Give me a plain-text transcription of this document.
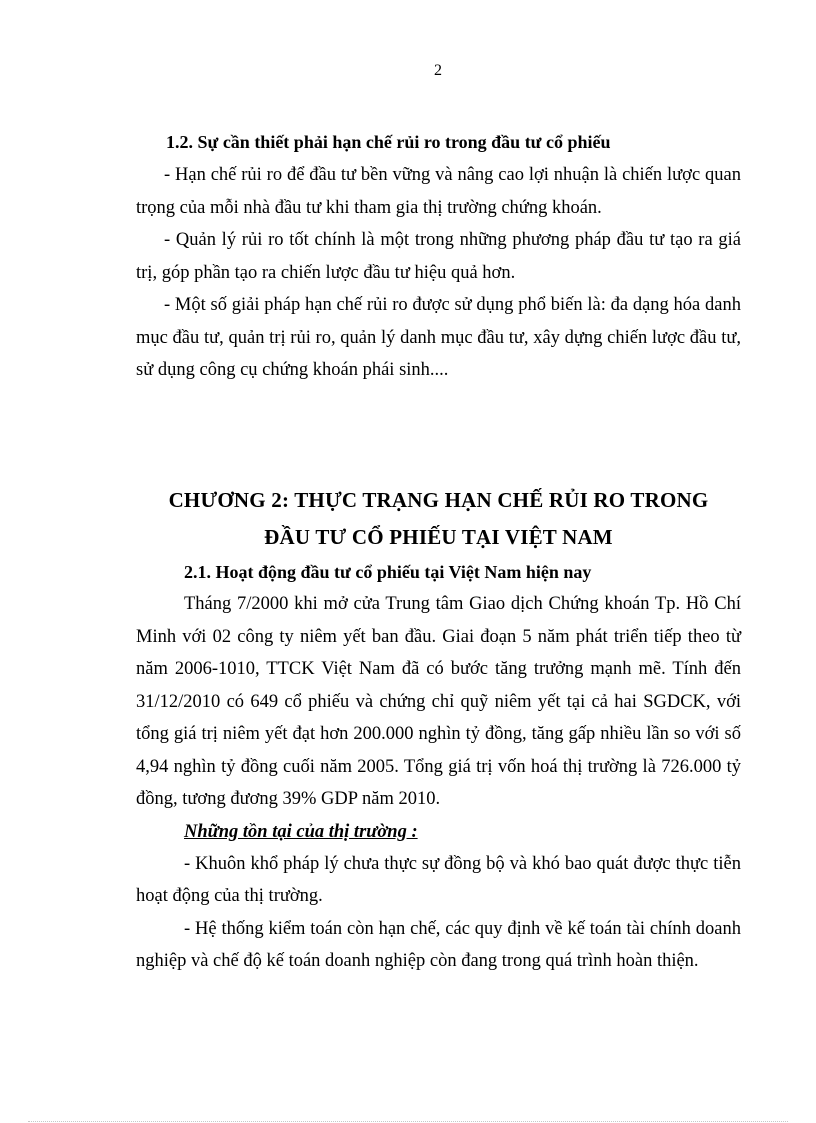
2
1.2. Sự cần thiết phải hạn chế rủi ro trong đầu tư cổ phiếu

- Hạn chế rủi ro để đầu tư bền vững và nâng cao lợi nhuận là chiến lược quan trọng của mỗi nhà đầu tư khi tham gia thị trường chứng khoán.

- Quản lý rủi ro tốt chính là một trong những phương pháp đầu tư tạo ra giá trị, góp phần tạo ra chiến lược đầu tư hiệu quả hơn.

- Một số giải pháp hạn chế rủi ro được sử dụng phổ biến là: đa dạng hóa danh mục đầu tư, quản trị rủi ro, quản lý danh mục đầu tư, xây dựng chiến lược đầu tư, sử dụng công cụ chứng khoán phái sinh....

CHƯƠNG 2: THỰC TRẠNG HẠN CHẾ RỦI RO TRONG
ĐẦU TƯ CỔ PHIẾU TẠI VIỆT NAM
2.1. Hoạt động đầu tư cổ phiếu tại Việt Nam hiện nay

Tháng 7/2000 khi mở cửa Trung tâm Giao dịch Chứng khoán Tp. Hồ Chí Minh với 02 công ty niêm yết ban đầu. Giai đoạn 5 năm phát triển tiếp theo từ năm 2006-1010, TTCK Việt Nam đã có bước tăng trưởng mạnh mẽ. Tính đến 31/12/2010 có 649 cổ phiếu và chứng chỉ quỹ niêm yết tại cả hai SGDCK, với tổng giá trị niêm yết đạt hơn 200.000 nghìn tỷ đồng, tăng gấp nhiều lần so với số 4,94 nghìn tỷ đồng cuối năm 2005. Tổng giá trị vốn hoá thị trường là 726.000 tỷ đồng, tương đương 39% GDP năm 2010.

Những tồn tại của thị trường :

- Khuôn khổ pháp lý chưa thực sự đồng bộ và khó bao quát được thực tiễn hoạt động của thị trường.

- Hệ thống kiểm toán còn hạn chế, các quy định về kế toán tài chính doanh nghiệp và chế độ kế toán doanh nghiệp còn đang trong quá trình hoàn thiện.
